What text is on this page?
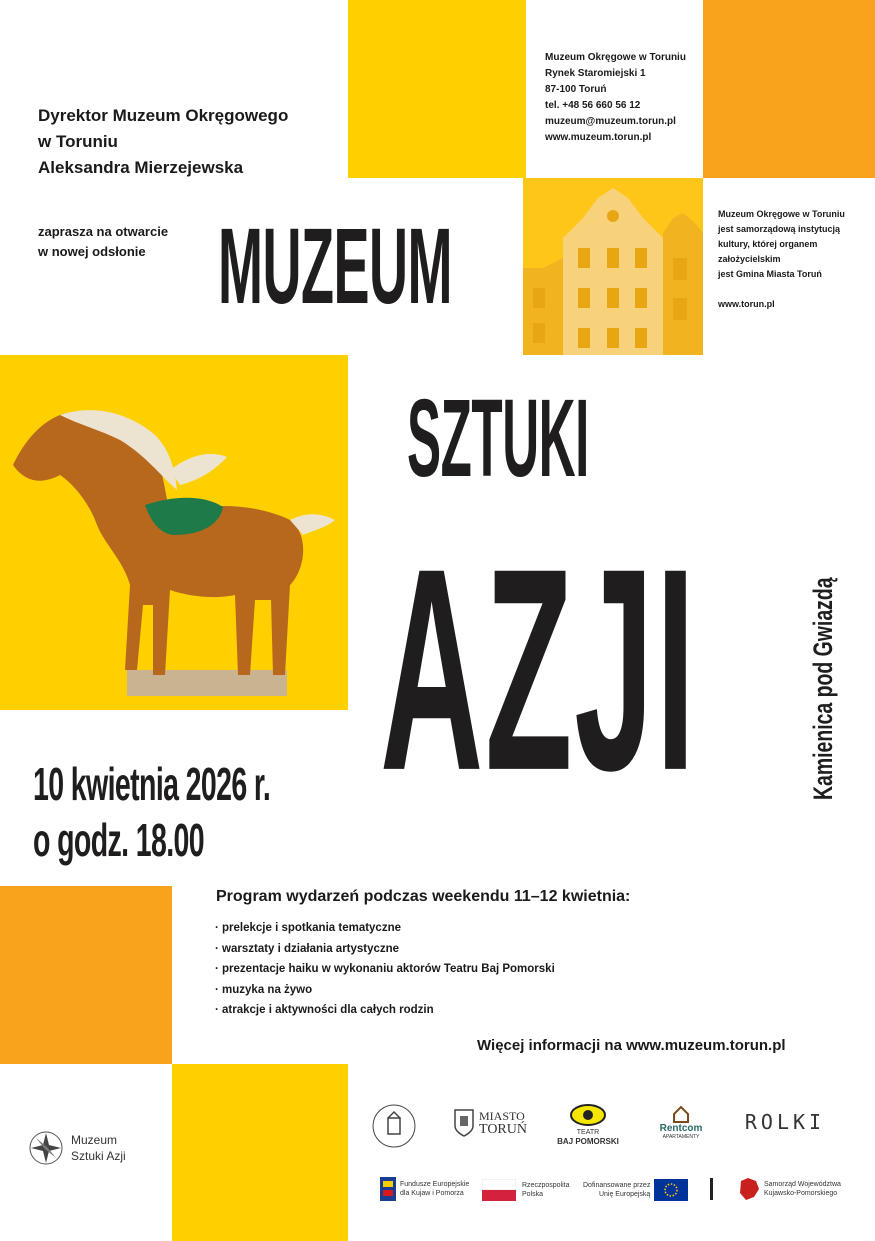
Dyrektor Muzeum Okręgowego
w Toruniu
Aleksandra Mierzejewska
zaprasza na otwarcie
w nowej odsłonie
Muzeum Okręgowe w Toruniu
Rynek Staromiejski 1
87-100 Toruń
tel. +48 56 660 56 12
muzeum@muzeum.torun.pl
www.muzeum.torun.pl
Muzeum Okręgowe w Toruniu
jest samorządową instytucją
kultury, której organem
założycielskim
jest Gmina Miasta Toruń
www.torun.pl
MUZEUM
SZTUKI
AZJI	Kamienica pod Gwiazdą
10 kwietnia 2026 r.
o godz. 18.00
Program wydarzeń podczas weekendu 11–12 kwietnia:
· prelekcje i spotkania tematyczne
· warsztaty i działania artystyczne
· prezentacje haiku w wykonaniu aktorów Teatru Baj Pomorski
· muzyka na żywo
· atrakcje i aktywności dla całych rodzin
Więcej informacji na www.muzeum.torun.pl
Muzeum
Sztuki Azji
MIASTO
TORUŃ	TEATR
BAJ POMORSKI
Rentcom
APARTAMENTY
ROLKI
Fundusze Europejskie
dla Kujaw i Pomorza
Rzeczpospolita
Polska
Dofinansowane przez
Unię Europejską
Samorząd Województwa
Kujawsko-Pomorskiego
